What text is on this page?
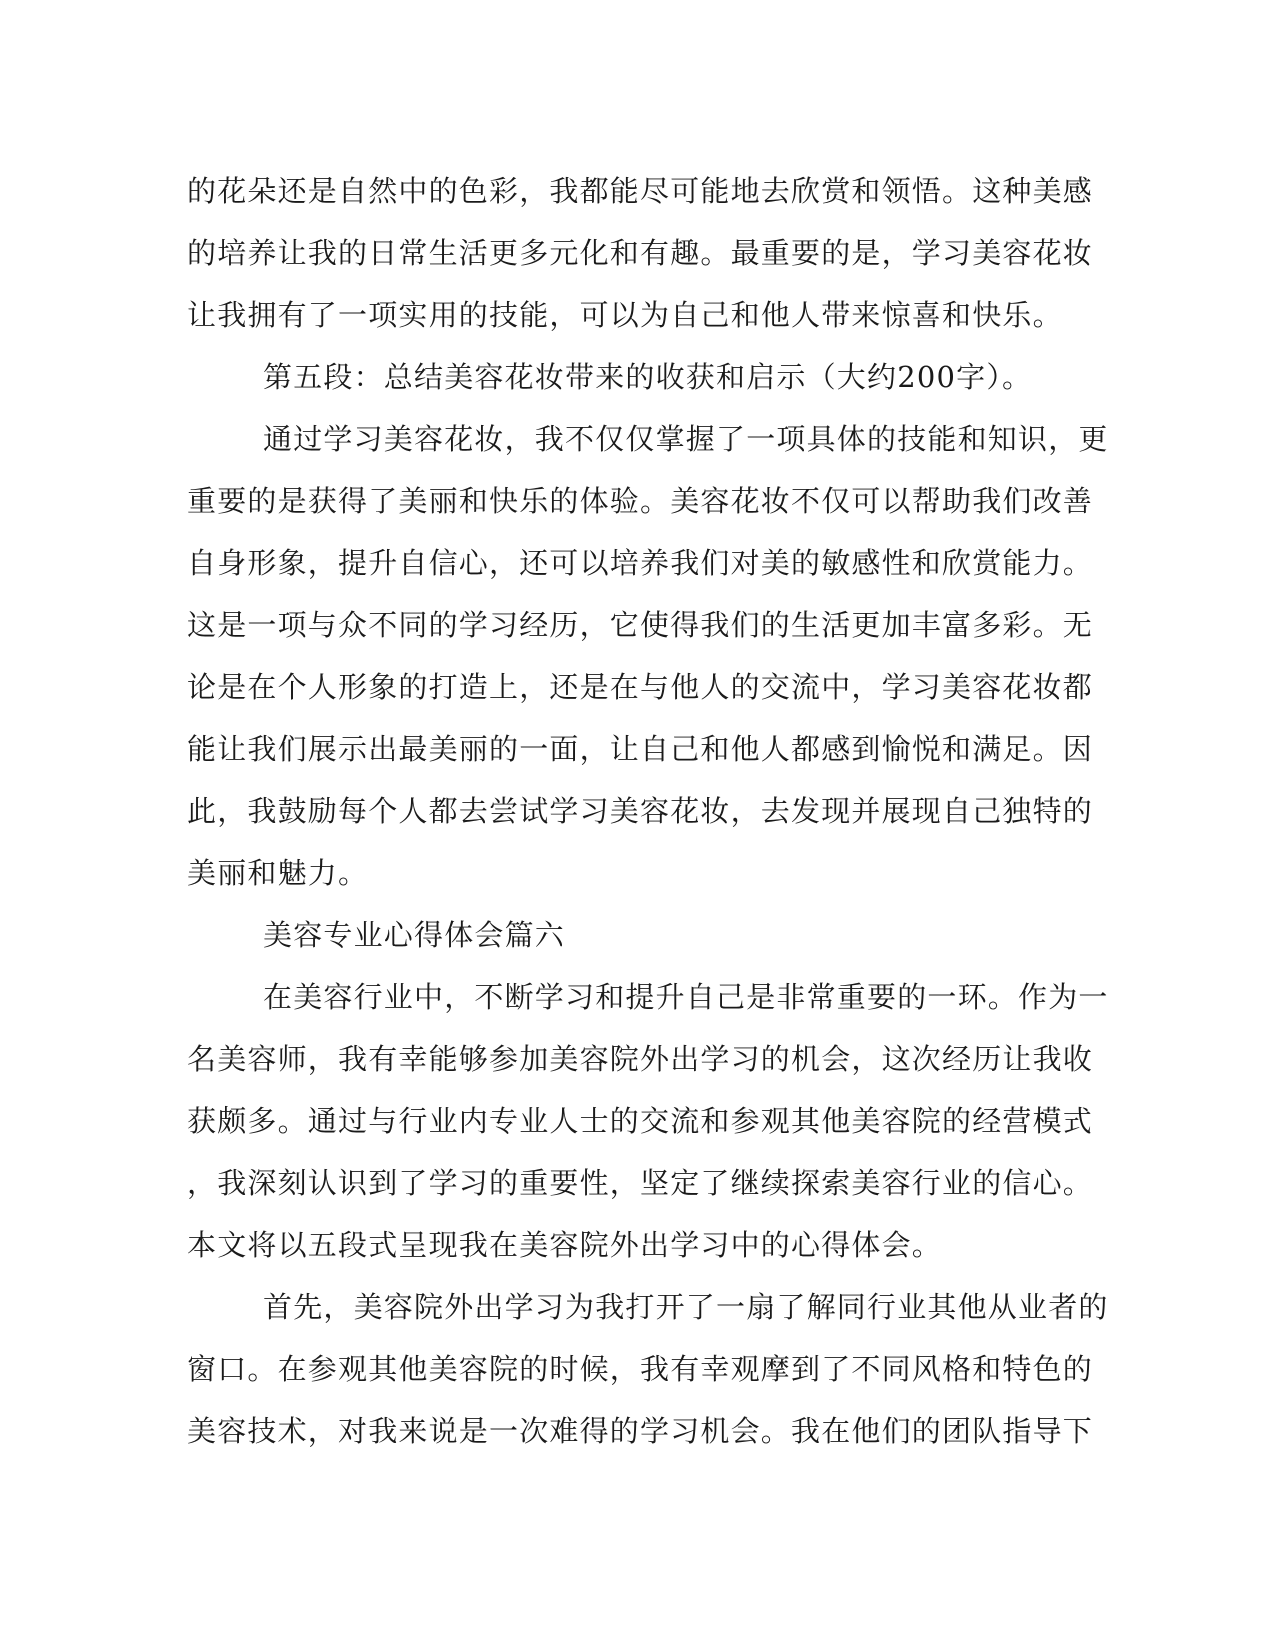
的花朵还是自然中的色彩，我都能尽可能地去欣赏和领悟。这种美感
的培养让我的日常生活更多元化和有趣。最重要的是，学习美容花妆
让我拥有了一项实用的技能，可以为自己和他人带来惊喜和快乐。
第五段：总结美容花妆带来的收获和启示（大约200字）。
通过学习美容花妆，我不仅仅掌握了一项具体的技能和知识，更
重要的是获得了美丽和快乐的体验。美容花妆不仅可以帮助我们改善
自身形象，提升自信心，还可以培养我们对美的敏感性和欣赏能力。
这是一项与众不同的学习经历，它使得我们的生活更加丰富多彩。无
论是在个人形象的打造上，还是在与他人的交流中，学习美容花妆都
能让我们展示出最美丽的一面，让自己和他人都感到愉悦和满足。因
此，我鼓励每个人都去尝试学习美容花妆，去发现并展现自己独特的
美丽和魅力。
美容专业心得体会篇六
在美容行业中，不断学习和提升自己是非常重要的一环。作为一
名美容师，我有幸能够参加美容院外出学习的机会，这次经历让我收
获颇多。通过与行业内专业人士的交流和参观其他美容院的经营模式
，我深刻认识到了学习的重要性，坚定了继续探索美容行业的信心。
本文将以五段式呈现我在美容院外出学习中的心得体会。
首先，美容院外出学习为我打开了一扇了解同行业其他从业者的
窗口。在参观其他美容院的时候，我有幸观摩到了不同风格和特色的
美容技术，对我来说是一次难得的学习机会。我在他们的团队指导下
